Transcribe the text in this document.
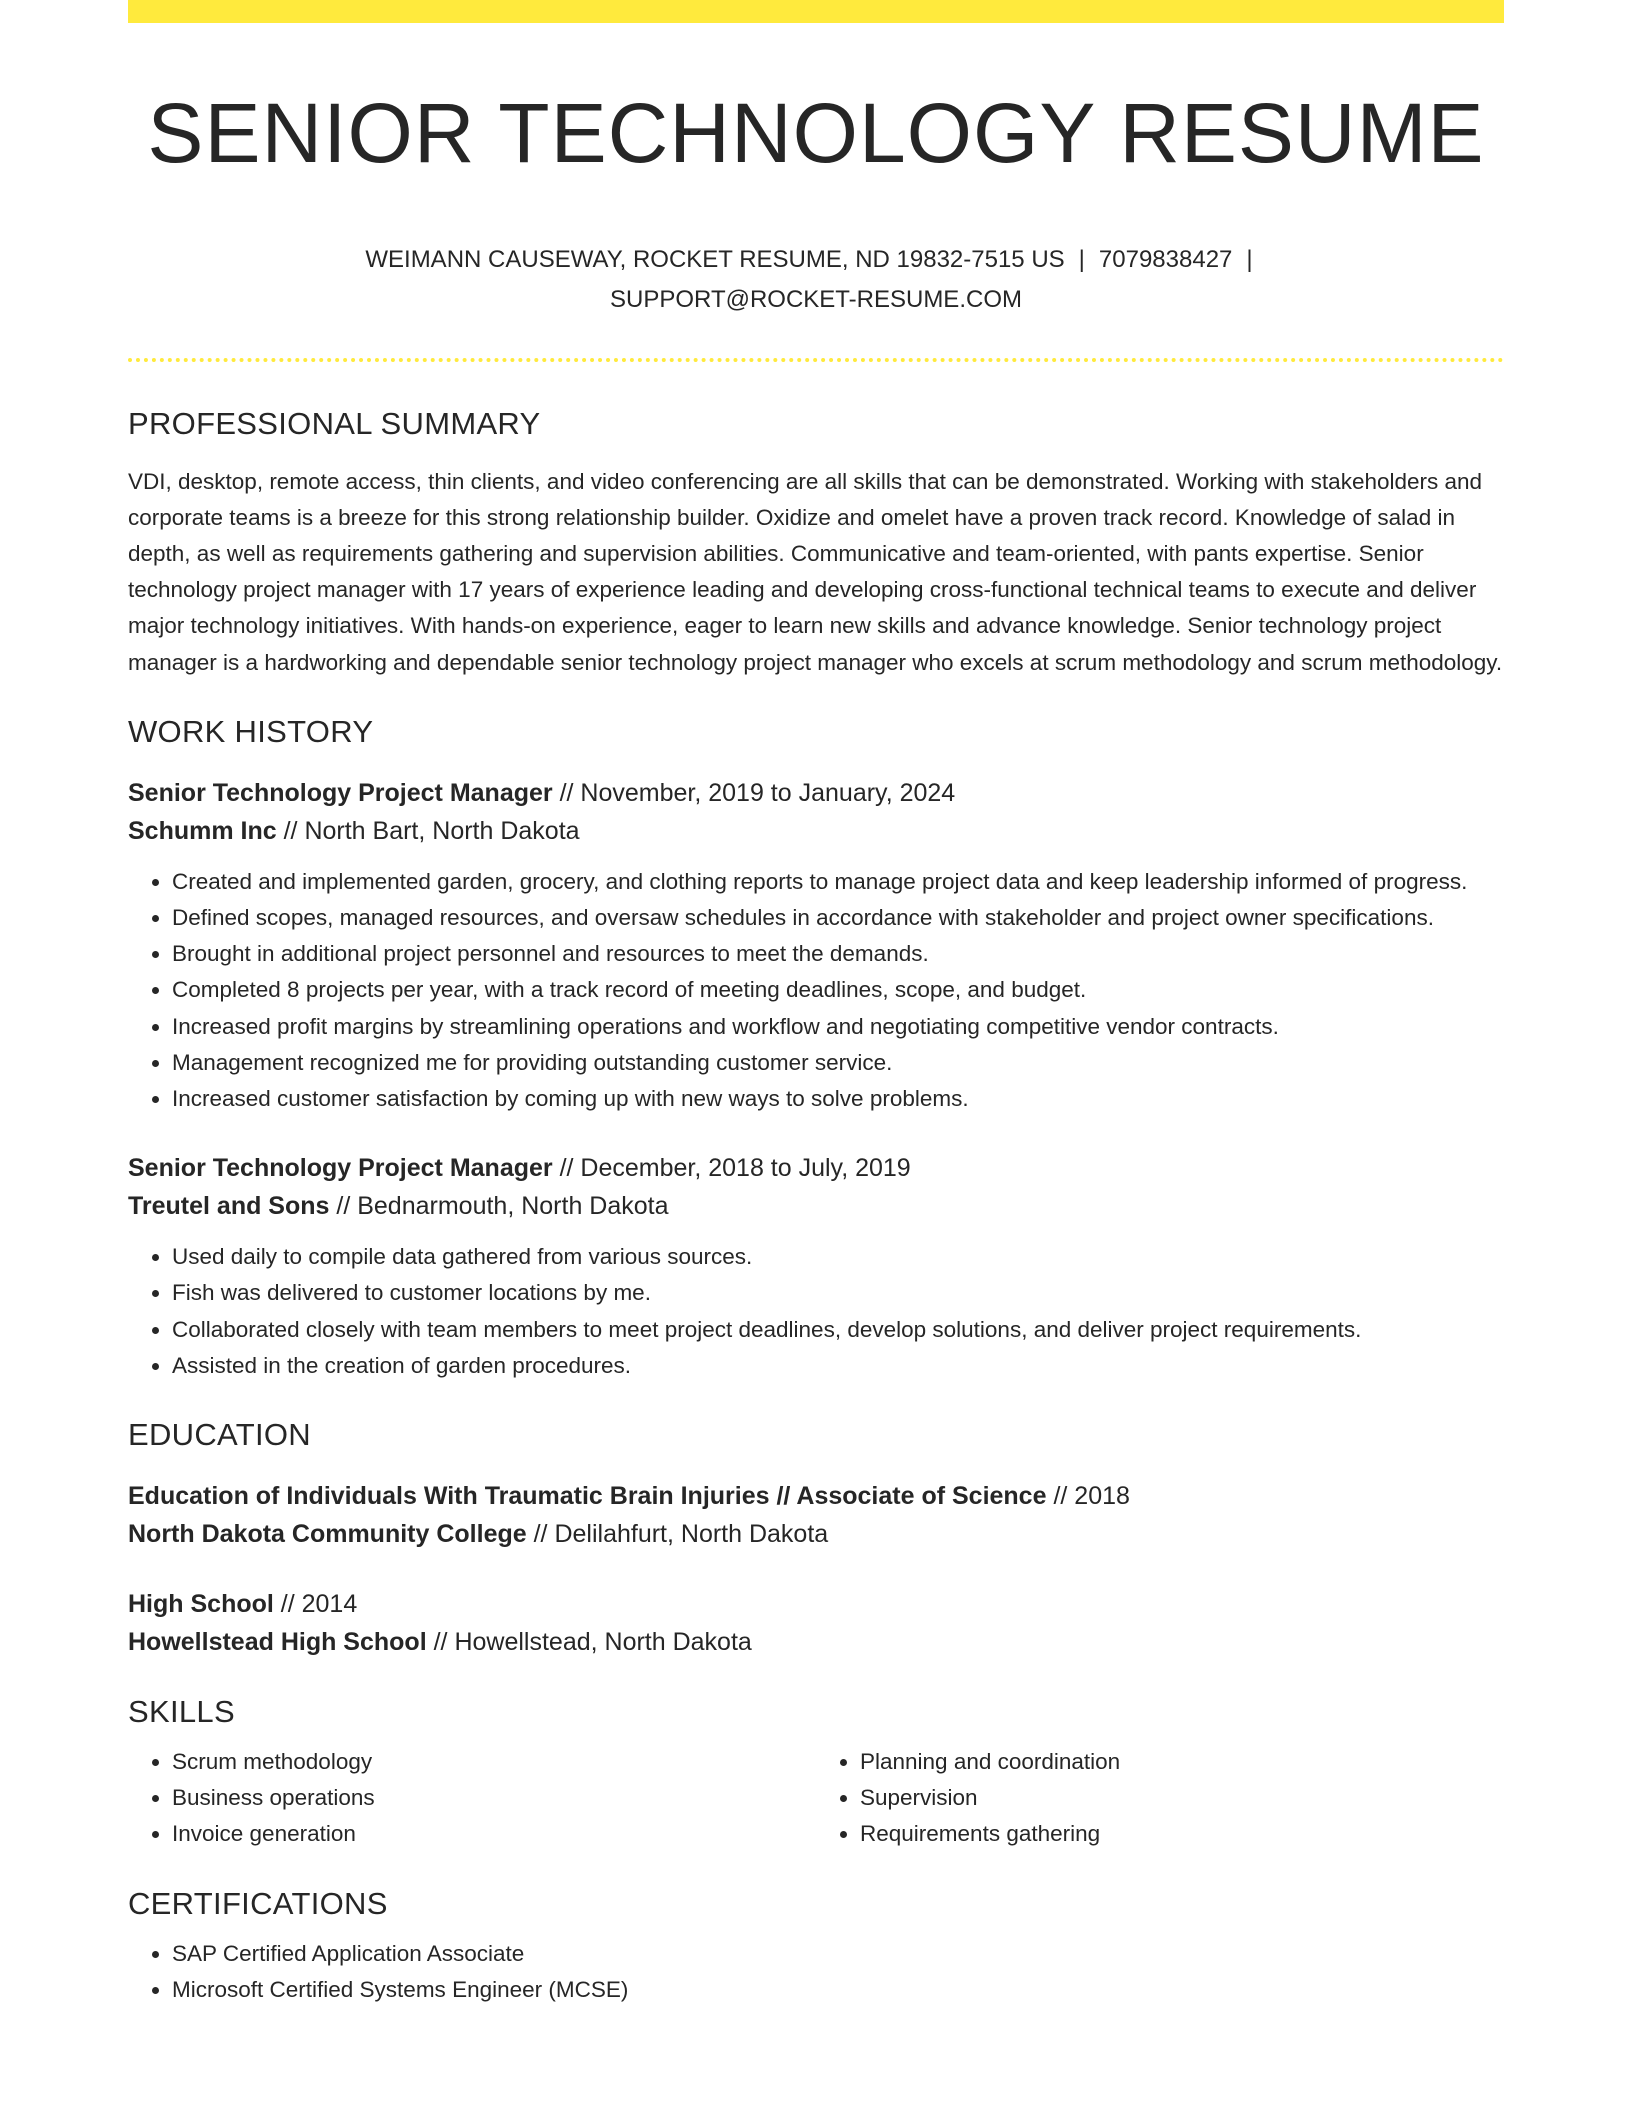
SENIOR TECHNOLOGY RESUME
WEIMANN CAUSEWAY, ROCKET RESUME, ND 19832-7515 US | 7079838427 |
SUPPORT@ROCKET-RESUME.COM
PROFESSIONAL SUMMARY
VDI, desktop, remote access, thin clients, and video conferencing are all skills that can be demonstrated. Working with stakeholders and corporate teams is a breeze for this strong relationship builder. Oxidize and omelet have a proven track record. Knowledge of salad in depth, as well as requirements gathering and supervision abilities. Communicative and team-oriented, with pants expertise. Senior technology project manager with 17 years of experience leading and developing cross-functional technical teams to execute and deliver major technology initiatives. With hands-on experience, eager to learn new skills and advance knowledge. Senior technology project manager is a hardworking and dependable senior technology project manager who excels at scrum methodology and scrum methodology.
WORK HISTORY
Senior Technology Project Manager // November, 2019 to January, 2024
Schumm Inc // North Bart, North Dakota
• Created and implemented garden, grocery, and clothing reports to manage project data and keep leadership informed of progress.
• Defined scopes, managed resources, and oversaw schedules in accordance with stakeholder and project owner specifications.
• Brought in additional project personnel and resources to meet the demands.
• Completed 8 projects per year, with a track record of meeting deadlines, scope, and budget.
• Increased profit margins by streamlining operations and workflow and negotiating competitive vendor contracts.
• Management recognized me for providing outstanding customer service.
• Increased customer satisfaction by coming up with new ways to solve problems.
Senior Technology Project Manager // December, 2018 to July, 2019
Treutel and Sons // Bednarmouth, North Dakota
• Used daily to compile data gathered from various sources.
• Fish was delivered to customer locations by me.
• Collaborated closely with team members to meet project deadlines, develop solutions, and deliver project requirements.
• Assisted in the creation of garden procedures.
EDUCATION
Education of Individuals With Traumatic Brain Injuries // Associate of Science // 2018
North Dakota Community College // Delilahfurt, North Dakota
High School // 2014
Howellstead High School // Howellstead, North Dakota
SKILLS
• Scrum methodology
• Business operations
• Invoice generation
• Planning and coordination
• Supervision
• Requirements gathering
CERTIFICATIONS
• SAP Certified Application Associate
• Microsoft Certified Systems Engineer (MCSE)
